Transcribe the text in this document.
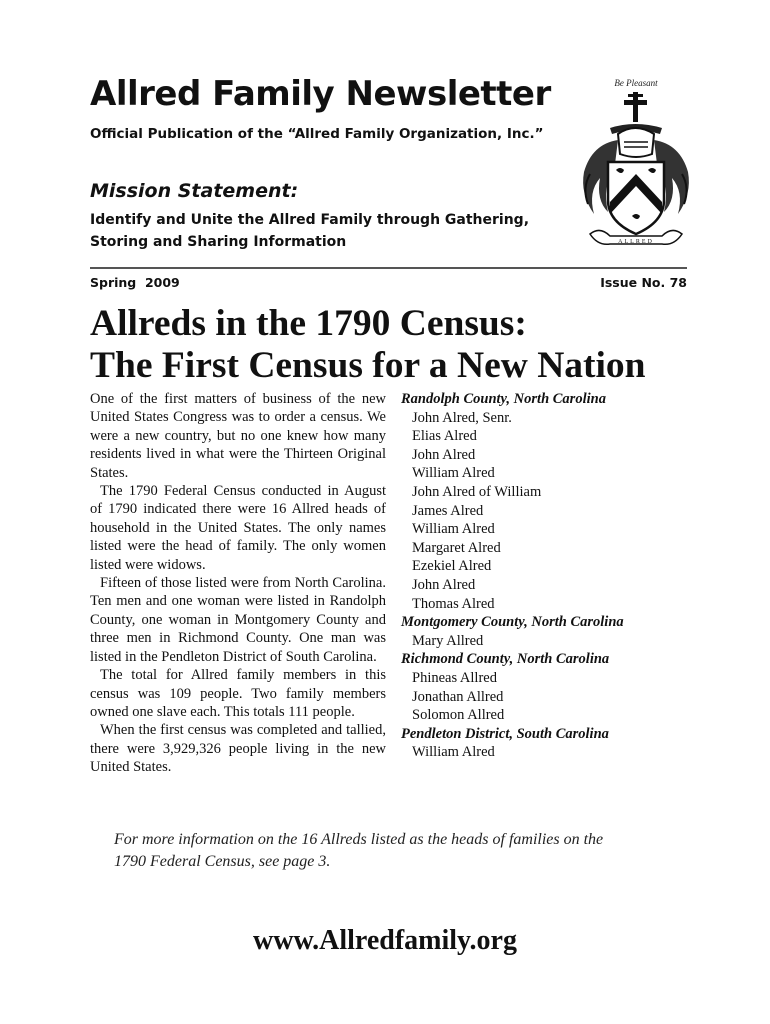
Allred Family Newsletter
Official Publication of the “Allred Family Organization, Inc.”
Be Pleasant
ALLRED
Mission Statement:
Identify and Unite the Allred Family through Gathering,
Storing and Sharing Information
Spring  2009	Issue No. 78
Allreds in the 1790 Census:
The First Census for a New Nation

One of the first matters of business of the new United States Congress was to order a census. We were a new country, but no one knew how many residents lived in what were the Thirteen Original States.

The 1790 Federal Census conducted in August of 1790 indicated there were 16 Allred heads of household in the United States. The only names listed were the head of family. The only women listed were widows.

Fifteen of those listed were from North Carolina. Ten men and one woman were listed in Randolph County, one woman in Montgomery County and three men in Richmond County. One man was listed in the Pendleton District of South Carolina.

The total for Allred family members in this census was 109 people. Two family members owned one slave each. This totals 111 people.

When the first census was completed and tallied, there were 3,929,326 people living in the new United States.

Randolph County, North Carolina
John Alred, Senr.
Elias Alred
John Alred
William Alred
John Alred of William
James Alred
William Alred
Margaret Alred
Ezekiel Alred
John Alred
Thomas Alred
Montgomery County, North Carolina
Mary Allred
Richmond County, North Carolina
Phineas Allred
Jonathan Allred
Solomon Allred
Pendleton District, South Carolina
William Alred
For more information on the 16 Allreds listed as the heads of families on the
1790 Federal Census, see page 3.
www.Allredfamily.org
